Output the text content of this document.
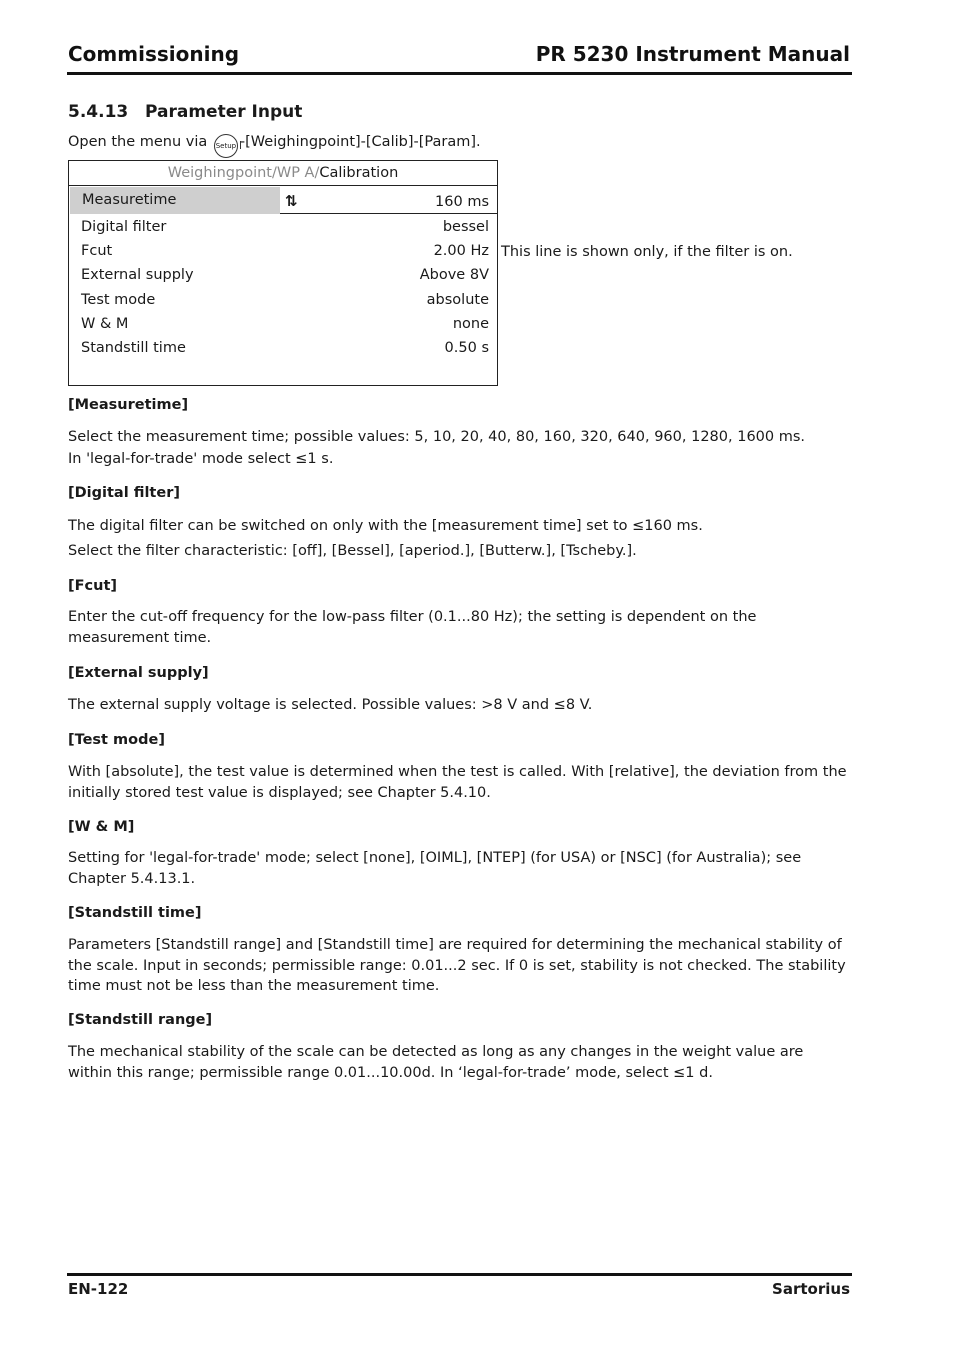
Commissioning	PR 5230 Instrument Manual
5.4.13 Parameter Input
Open the menu via Setup -[Weighingpoint]-[Calib]-[Param].
Weighingpoint/WP A/Calibration
Measuretime	⇅	160 ms
Digital filter	bessel
Fcut	2.00 Hz
External supply	Above 8V
Test mode	absolute
W & M	none
Standstill time	0.50 s
This line is shown only, if the filter is on.
[Measuretime]
Select the measurement time; possible values: 5, 10, 20, 40, 80, 160, 320, 640, 960, 1280, 1600 ms.
In 'legal-for-trade' mode select ≤1 s.
[Digital filter]
The digital filter can be switched on only with the [measurement time] set to ≤160 ms.
Select the filter characteristic: [off], [Bessel], [aperiod.], [Butterw.], [Tscheby.].
[Fcut]
Enter the cut-off frequency for the low-pass filter (0.1...80 Hz); the setting is dependent on the measurement time.
[External supply]
The external supply voltage is selected. Possible values: >8 V and ≤8 V.
[Test mode]
With [absolute], the test value is determined when the test is called. With [relative], the deviation from the initially stored test value is displayed; see Chapter 5.4.10.
[W & M]
Setting for 'legal-for-trade' mode; select [none], [OIML], [NTEP] (for USA) or [NSC] (for Australia); see Chapter 5.4.13.1.
[Standstill time]
Parameters [Standstill range] and [Standstill time] are required for determining the mechanical stability of the scale. Input in seconds; permissible range: 0.01...2 sec. If 0 is set, stability is not checked. The stability time must not be less than the measurement time.
[Standstill range]
The mechanical stability of the scale can be detected as long as any changes in the weight value are within this range; permissible range 0.01...10.00d. In ‘legal-for-trade’ mode, select ≤1 d.
EN-122	Sartorius
